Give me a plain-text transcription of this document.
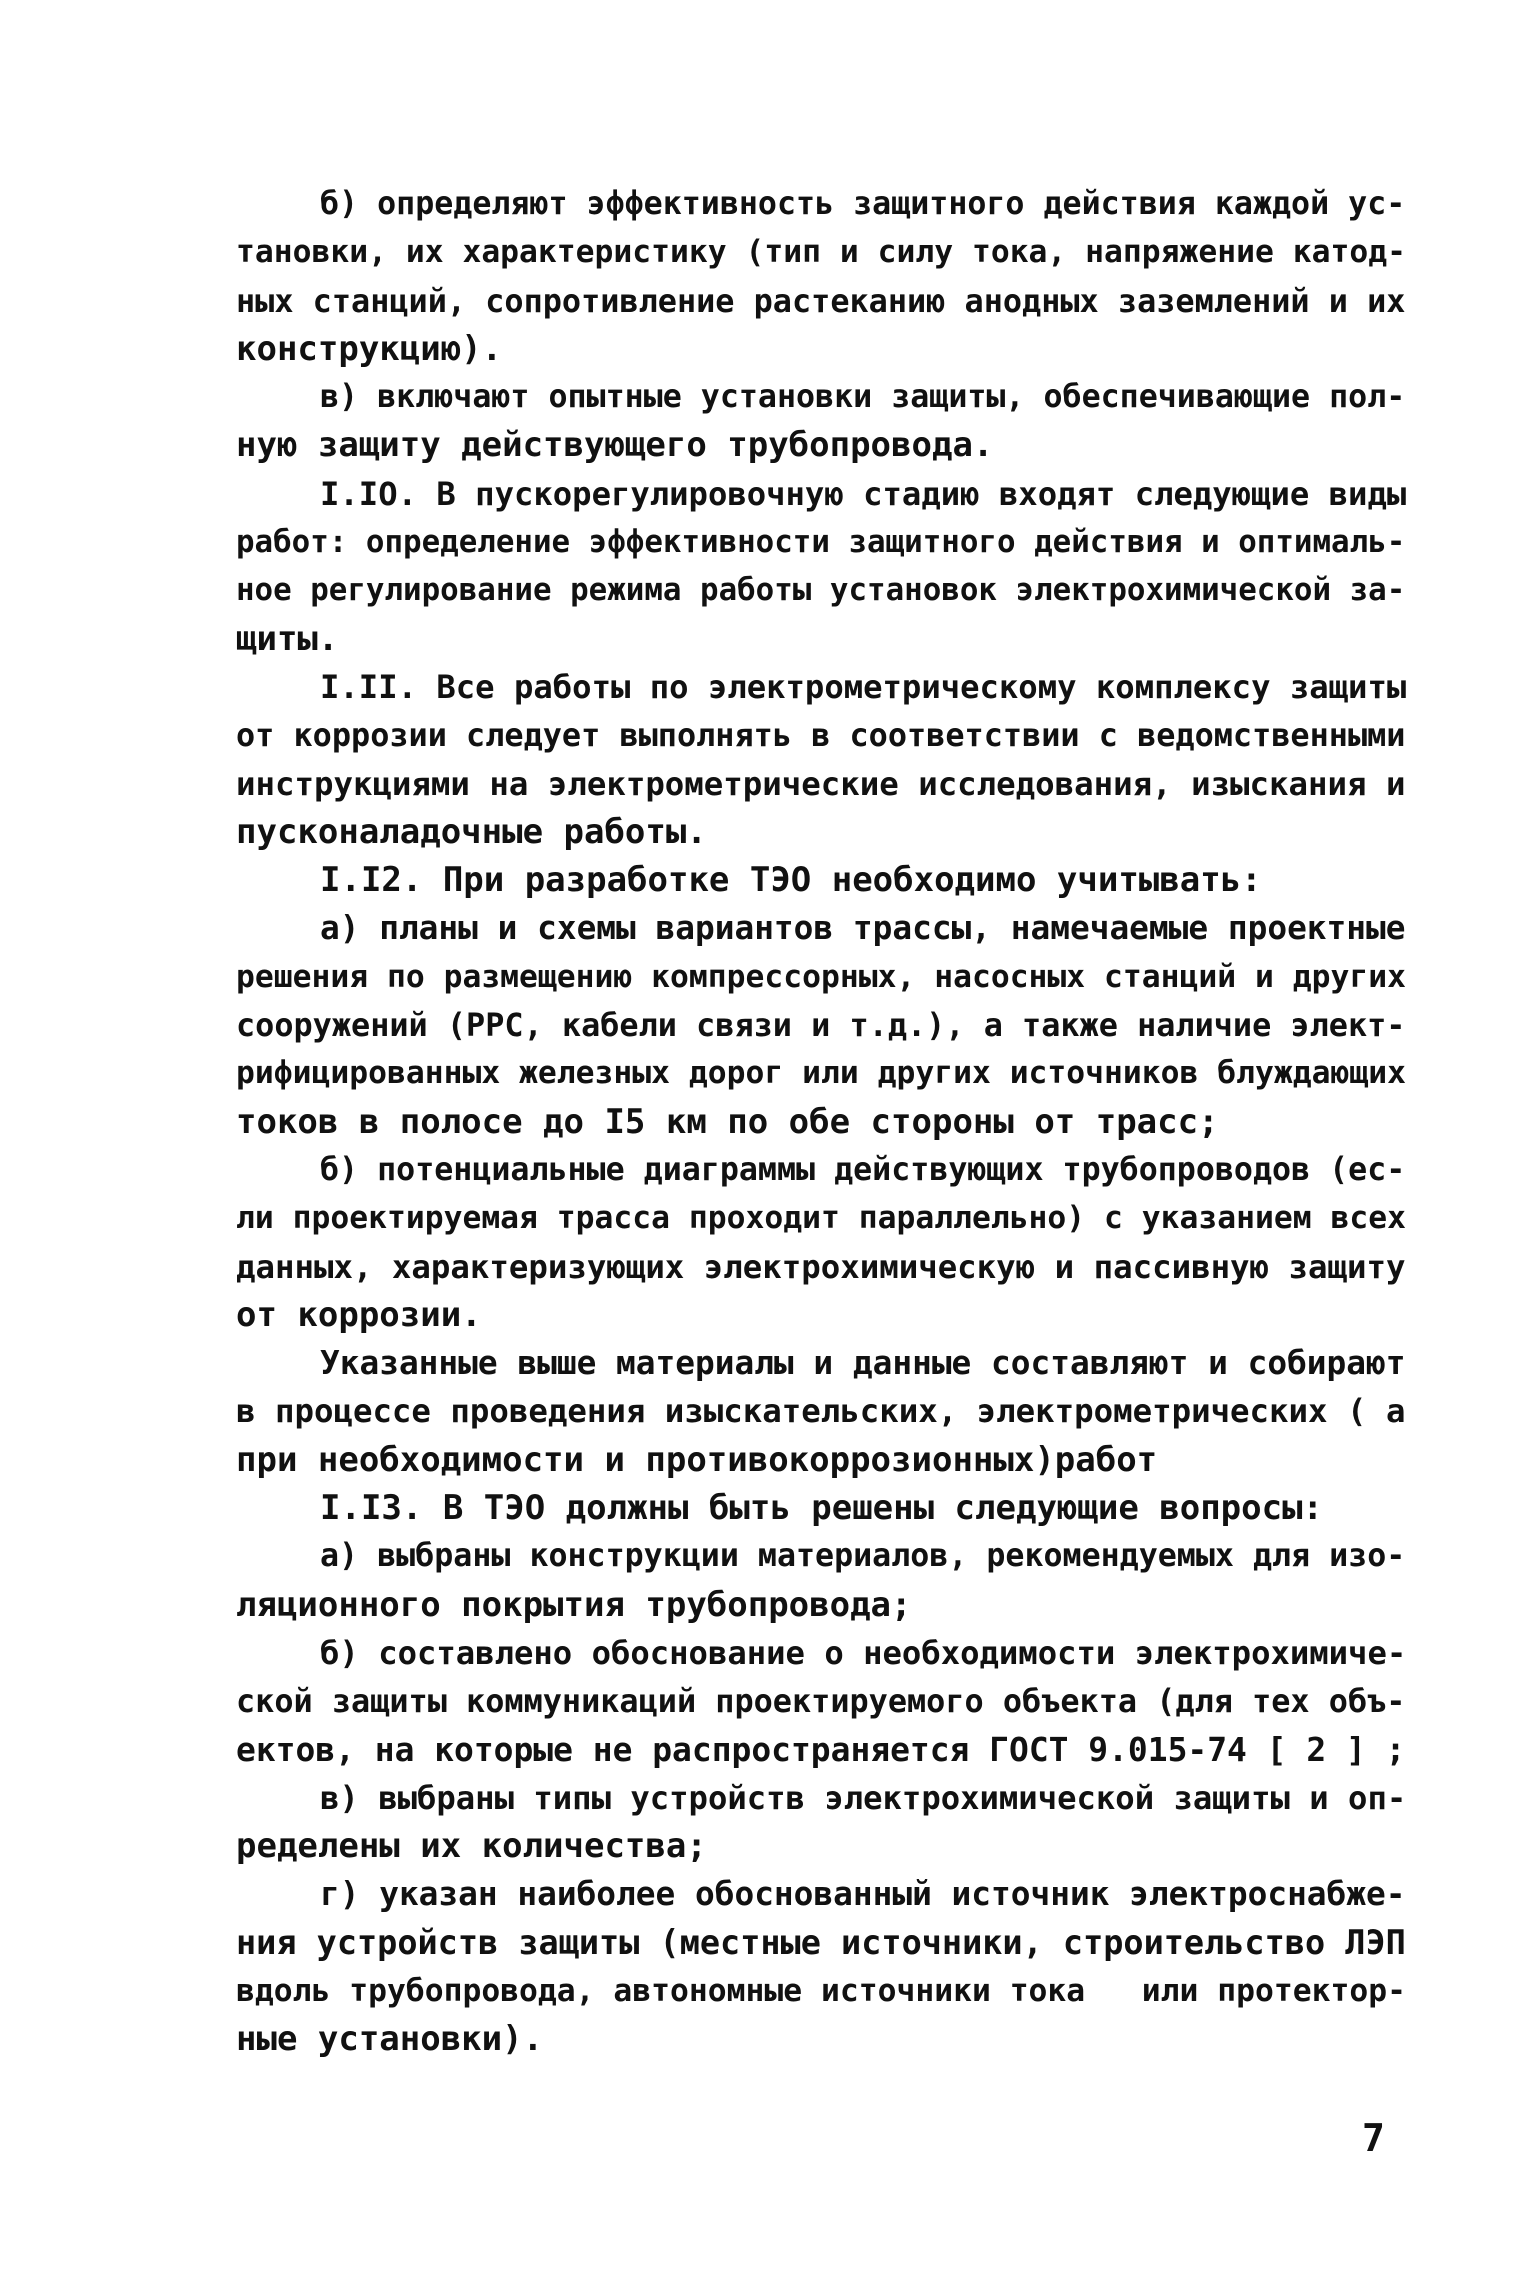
б) определяют эффективность защитного действия каждой ус-
тановки, их характеристику (тип и силу тока, напряжение катод-
ных станций, сопротивление растеканию анодных заземлений и их
конструкцию).
в) включают опытные установки защиты, обеспечивающие пол-
ную защиту действующего трубопровода.
I.IO. В пускорегулировочную стадию входят следующие виды
работ: определение эффективности защитного действия и оптималь-
ное регулирование режима работы установок электрохимической за-
щиты.
I.II. Все работы по электрометрическому комплексу защиты
от коррозии следует выполнять в соответствии с ведомственными
инструкциями на электрометрические исследования, изыскания и
пусконаладочные работы.
I.I2. При разработке ТЭО необходимо учитывать:
а) планы и схемы вариантов трассы, намечаемые проектные
решения по размещению компрессорных, насосных станций и других
сооружений (РРС, кабели связи и т.д.), а также наличие элект-
рифицированных железных дорог или других источников блуждающих
токов в полосе до I5 км по обе стороны от трасс;
б) потенциальные диаграммы действующих трубопроводов (ес-
ли проектируемая трасса проходит параллельно) с указанием всех
данных, характеризующих электрохимическую и пассивную защиту
от коррозии.
Указанные выше материалы и данные составляют и собирают
в процессе проведения изыскательских, электрометрических ( а
при необходимости и противокоррозионных)работ
I.I3. В ТЭО должны быть решены следующие вопросы:
а) выбраны конструкции материалов, рекомендуемых для изо-
ляционного покрытия трубопровода;
б) составлено обоснование о необходимости электрохимиче-
ской защиты коммуникаций проектируемого объекта (для тех объ-
ектов, на которые не распространяется ГОСТ 9.015-74 [ 2 ] ;
в) выбраны типы устройств электрохимической защиты и оп-
ределены их количества;
г) указан наиболее обоснованный источник электроснабже-
ния устройств защиты (местные источники, строительство ЛЭП
вдоль трубопровода, автономные источники тока   или протектор-
ные установки).
7
